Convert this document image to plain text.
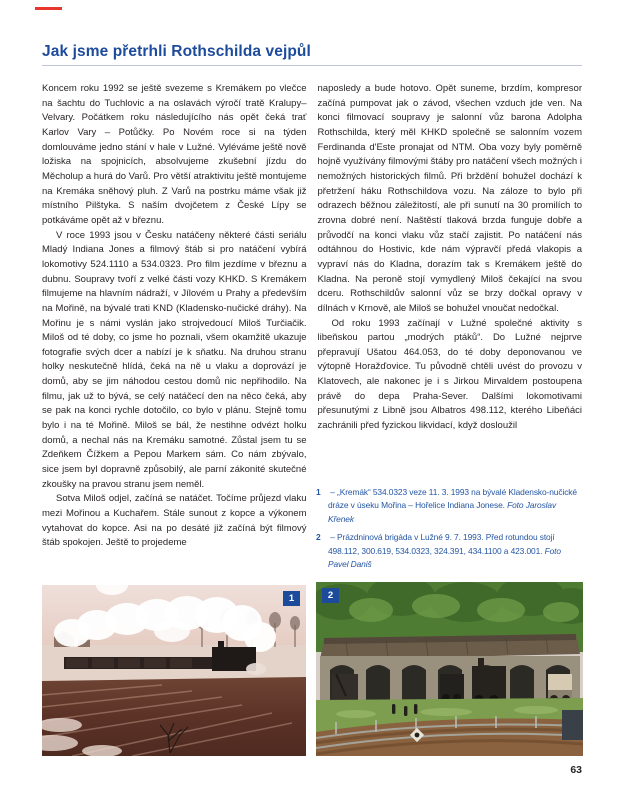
Jak jsme přetrhli Rothschilda vejpůl

Koncem roku 1992 se ještě svezeme s Kremákem po vlečce na šachtu do Tuchlovic a na oslavách výročí tratě Kralupy–Velvary. Počátkem roku následujícího nás opět čeká trať Karlov Vary – Potůčky. Po Novém roce si na týden domlouváme jedno stání v hale v Lužné. Vyléváme ještě nově ložiska na spojnicích, absolvujeme zkušební jízdu do Měcholup a hurá do Varů. Pro větší atraktivitu ještě montujeme na Kremáka sněhový pluh. Z Varů na postrku máme však již místního Pilštyka. S naším dvojčetem z České Lípy se potkáváme opět až v březnu.

V roce 1993 jsou v Česku natáčeny některé části seriálu Mladý Indiana Jones a filmový štáb si pro natáčení vybírá lokomotivy 524.1110 a 534.0323. Pro film jezdíme v březnu a dubnu. Soupravy tvoří z velké části vozy KHKD. S Kremákem filmujeme na hlavním nádraží, v Jílovém u Prahy a především na Mořině, na bývalé trati KND (Kladensko-nučické dráhy). Na Mořinu je s námi vyslán jako strojvedoucí Miloš Turčiačik. Miloš od té doby, co jsme ho poznali, všem okamžitě ukazuje fotografie svých dcer a nabízí je k sňatku. Na druhou stranu holky neskutečně hlídá, čeká na ně u vlaku a doprovází je domů, aby se jim náhodou cestou domů nic nepřihodilo. Na filmu, jak už to bývá, se celý natáčecí den na něco čeká, aby se pak na konci rychle dotočilo, co bylo v plánu. Stejně tomu bylo i na té Mořině. Miloš se bál, že nestihne odvézt holku domů, a nechal nás na Kremáku samotné. Zůstal jsem tu se Zdeňkem Čížkem a Pepou Markem sám. Co nám zbývalo, sice jsem byl dopravně způsobilý, ale parní zákonité skutečné zkoušky na pravou stranu jsem neměl.

Sotva Miloš odjel, začíná se natáčet. Točíme průjezd vlaku mezi Mořinou a Kuchařem. Stále sunout z kopce a výkonem vytahovat do kopce. Asi na po desáté již začíná být filmový štáb spokojen. Ještě to projedeme

naposledy a bude hotovo. Opět suneme, brzdím, kompresor začíná pumpovat jak o závod, všechen vzduch jde ven. Na konci filmovací soupravy je salonní vůz barona Adolpha Rothschilda, který měl KHKD společně se salonním vozem Ferdinanda d'Este pronajat od NTM. Oba vozy byly poměrně hojně využívány filmovými štáby pro natáčení všech možných i nemožných historických filmů. Při brždění bohužel dochází k přetržení háku Rothschildova vozu. Na záloze to bylo při odrazech běžnou záležitostí, ale při sunutí na 30 promilích to zrovna dobré není. Naštěstí tlaková brzda funguje dobře a průvodčí na konci vlaku vůz stačí zajistit. Po natáčení nás odtáhnou do Hostivic, kde nám výpravčí předá vlakopis a vypraví nás do Kladna, dorazím tak s Kremákem ještě do Kladna. Na peroně stojí vymydlený Miloš čekající na svou dceru. Rothschildův salonní vůz se brzy dočkal opravy v dílnách v Krnově, ale Miloš se bohužel vnoučat nedočkal.

Od roku 1993 začínají v Lužné společné aktivity s libeňskou partou „modrých ptáků“. Do Lužné nejprve přepravují Ušatou 464.053, do té doby deponovanou ve výtopně Horažďovice. Tu původně chtěli uvést do provozu v Klatovech, ale nakonec je i s Jirkou Mirvaldem postoupena právě do depa Praha-Sever. Dalšími lokomotivami přesunutými z Libně jsou Albatros 498.112, kterého Libeňáci zachránili před fyzickou likvidací, když dosloužil

1 – „Kremák“ 534.0323 veze 11. 3. 1993 na bývalé Kladensko-nučické dráze v úseku Mořina – Hořelice Indiana Jonese. Foto Jaroslav Křenek
2 – Prázdninová brigáda v Lužné 9. 7. 1993. Před rotundou stojí 498.112, 300.619, 534.0323, 324.391, 434.1100 a 423.001. Foto Pavel Daniš
1	2
63
